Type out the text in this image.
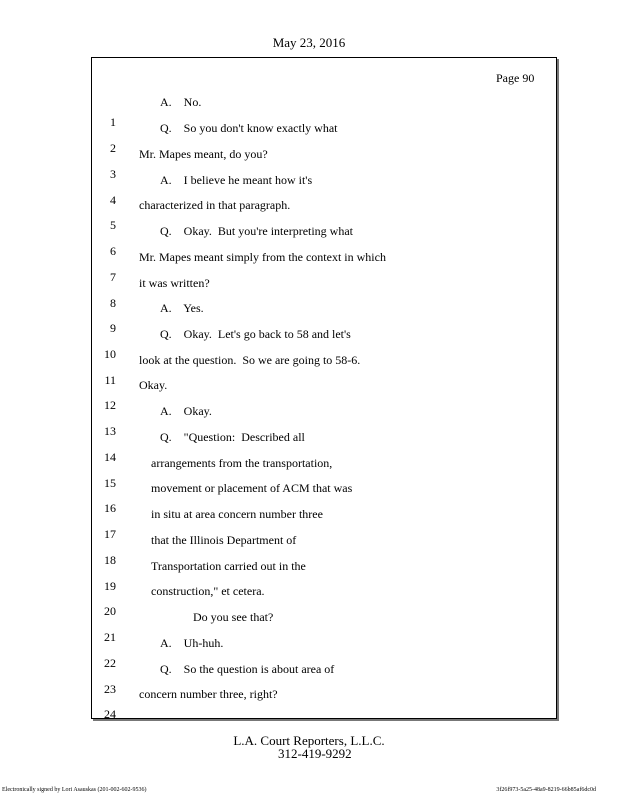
May 23, 2016
Page 90

1

A.    No.

2

Q.    So you don't know exactly what

3

Mr. Mapes meant, do you?

4

A.    I believe he meant how it's

5

characterized in that paragraph.

6

Q.    Okay.  But you're interpreting what

7

Mr. Mapes meant simply from the context in which

8

it was written?

9

A.    Yes.

10

Q.    Okay.  Let's go back to 58 and let's

11

look at the question.  So we are going to 58-6.

12

Okay.

13

A.    Okay.

14

Q.    "Question:  Described all

15

arrangements from the transportation,

16

movement or placement of ACM that was

17

in situ at area concern number three

18

that the Illinois Department of

19

Transportation carried out in the

20

construction," et cetera.

21

Do you see that?

22

A.    Uh-huh.

23

Q.    So the question is about area of

24

concern number three, right?

L.A. Court Reporters, L.L.C.
312-419-9292
Electronically signed by Lori Asauskas (201-002-602-9536)	3f26f973-5a25-48a9-8219-66b85af6dc0d
